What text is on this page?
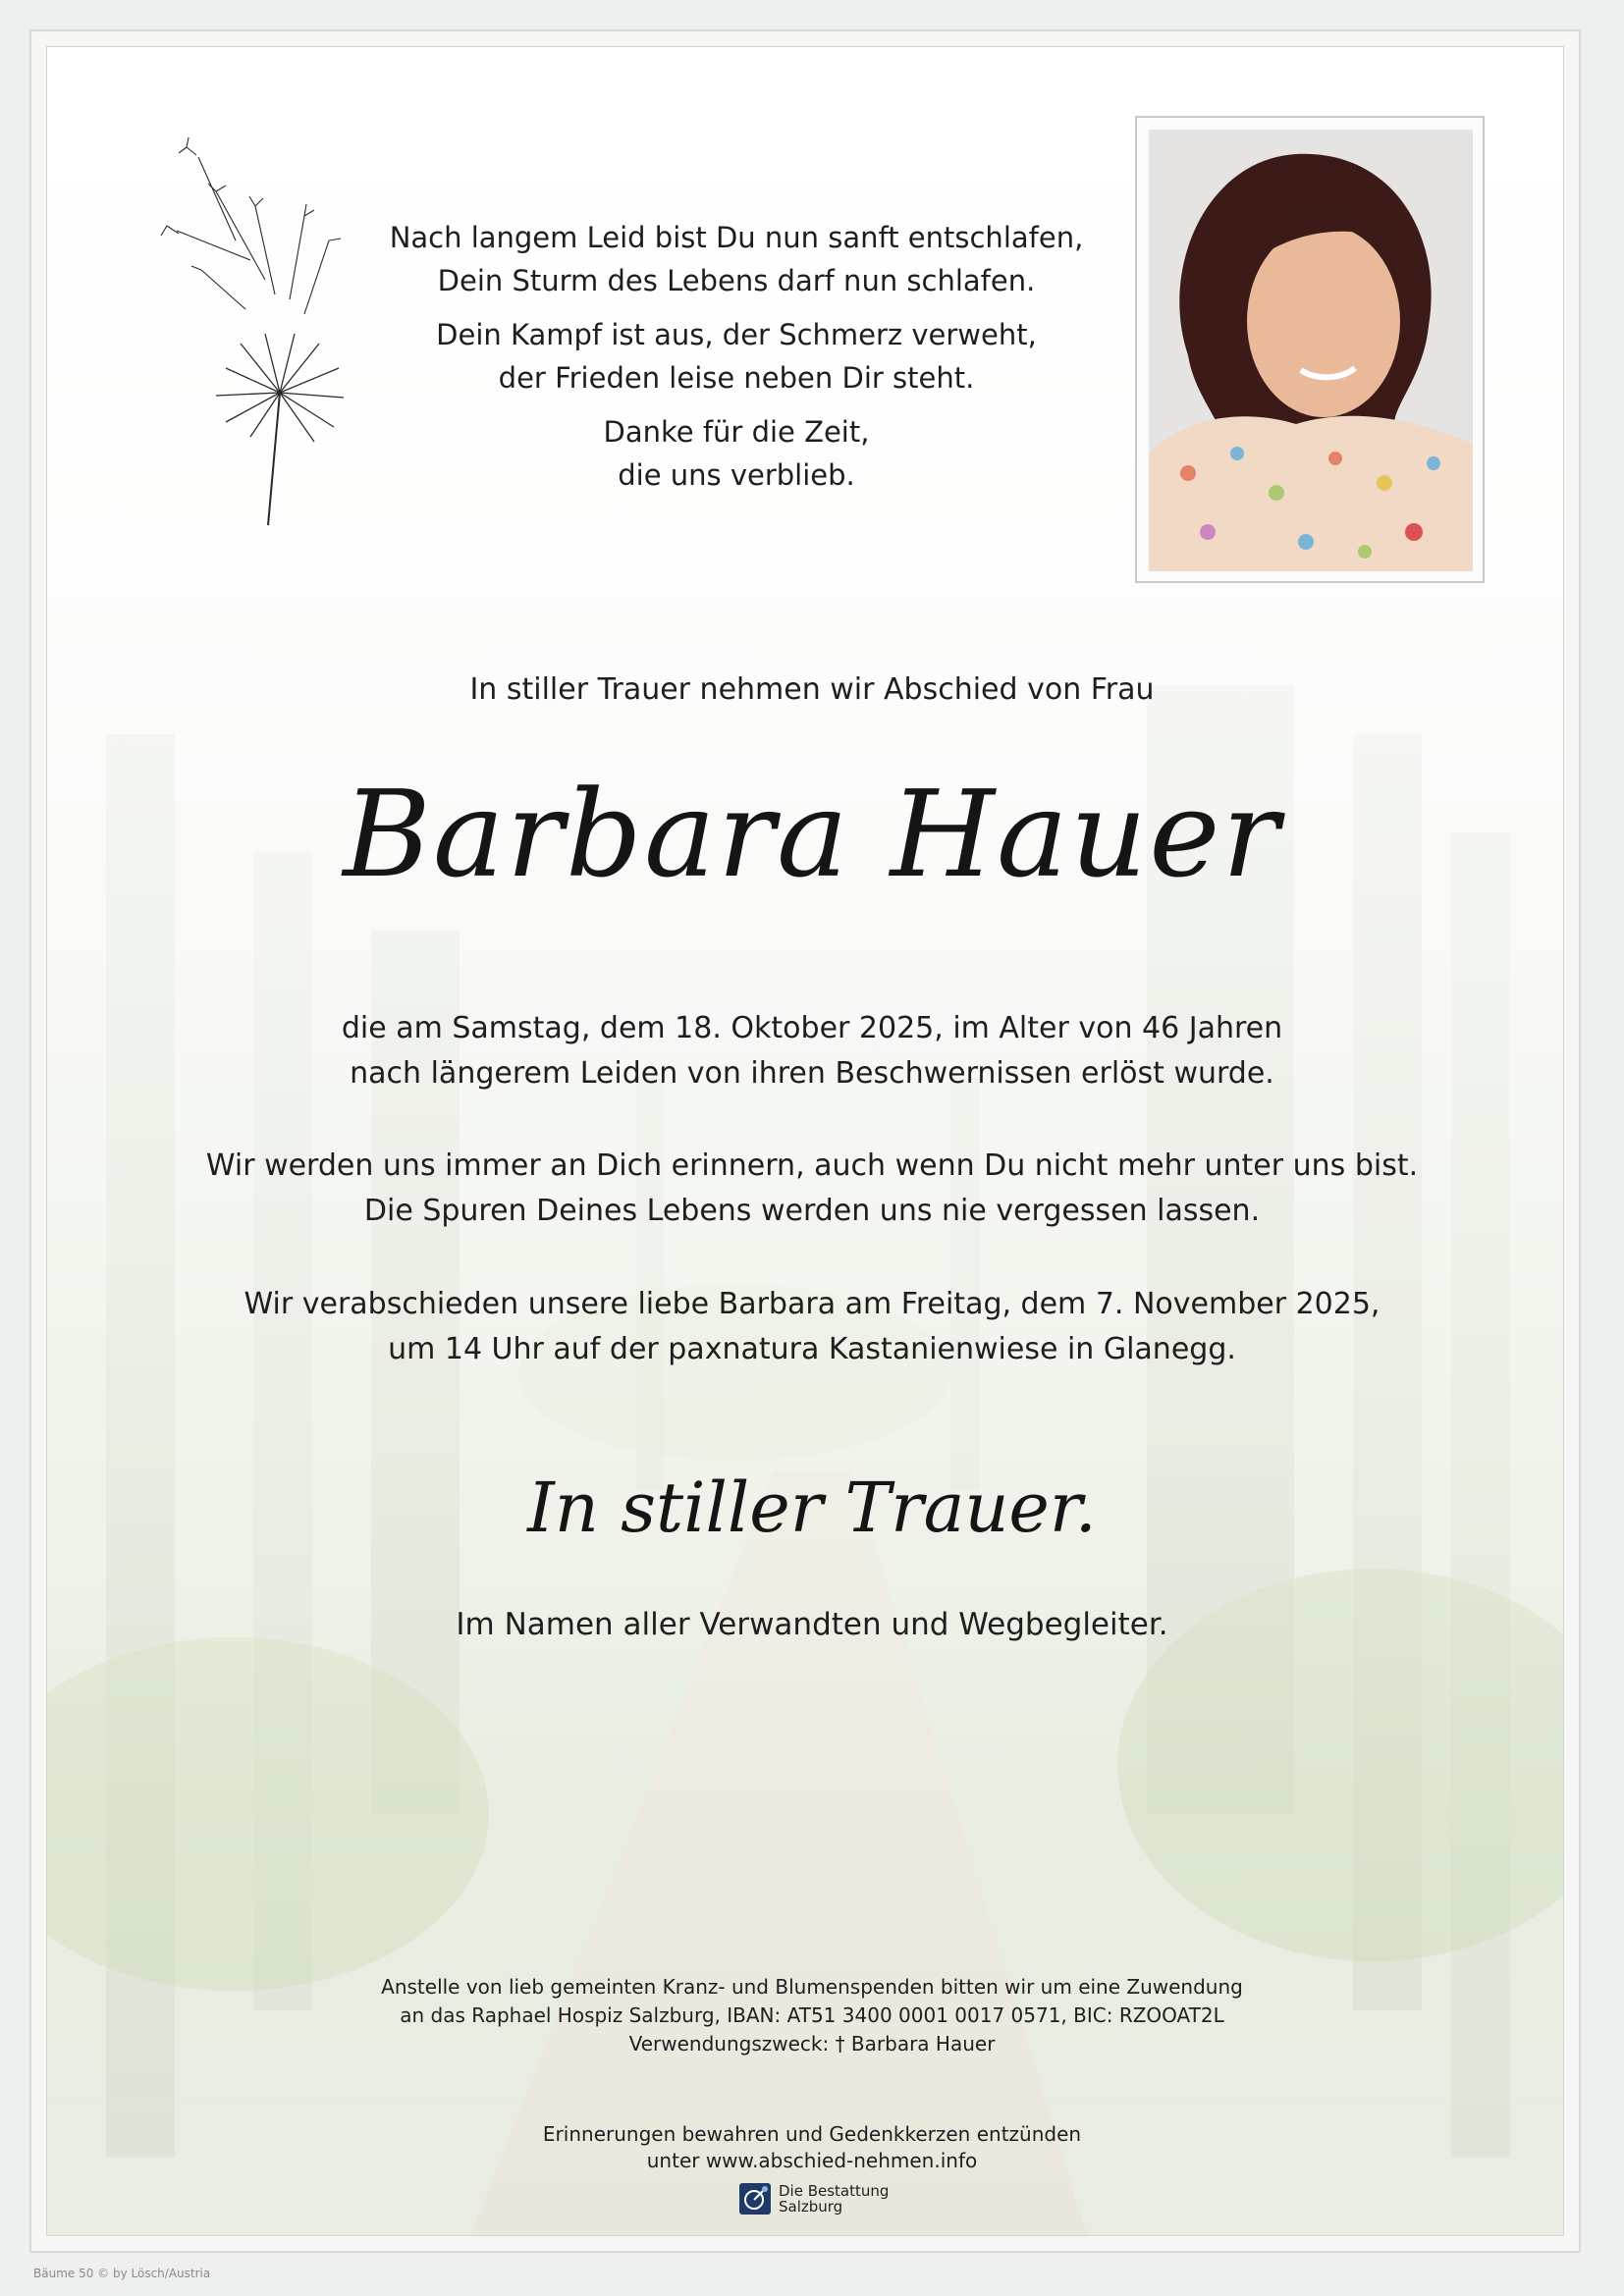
Nach langem Leid bist Du nun sanft entschlafen,
Dein Sturm des Lebens darf nun schlafen.

Dein Kampf ist aus, der Schmerz verweht,
der Frieden leise neben Dir steht.

Danke für die Zeit,
die uns verblieb.

In stiller Trauer nehmen wir Abschied von Frau
Barbara Hauer
die am Samstag, dem 18. Oktober 2025, im Alter von 46 Jahren
nach längerem Leiden von ihren Beschwernissen erlöst wurde.
Wir werden uns immer an Dich erinnern, auch wenn Du nicht mehr unter uns bist.
Die Spuren Deines Lebens werden uns nie vergessen lassen.
Wir verabschieden unsere liebe Barbara am Freitag, dem 7. November 2025,
um 14 Uhr auf der paxnatura Kastanienwiese in Glanegg.
In stiller Trauer.
Im Namen aller Verwandten und Wegbegleiter.
Anstelle von lieb gemeinten Kranz- und Blumenspenden bitten wir um eine Zuwendung
an das Raphael Hospiz Salzburg, IBAN: AT51 3400 0001 0017 0571, BIC: RZOOAT2L
Verwendungszweck: † Barbara Hauer
Erinnerungen bewahren und Gedenkkerzen entzünden
unter www.abschied-nehmen.info
Die Bestattung
Salzburg
Bäume 50 © by Lösch/Austria
